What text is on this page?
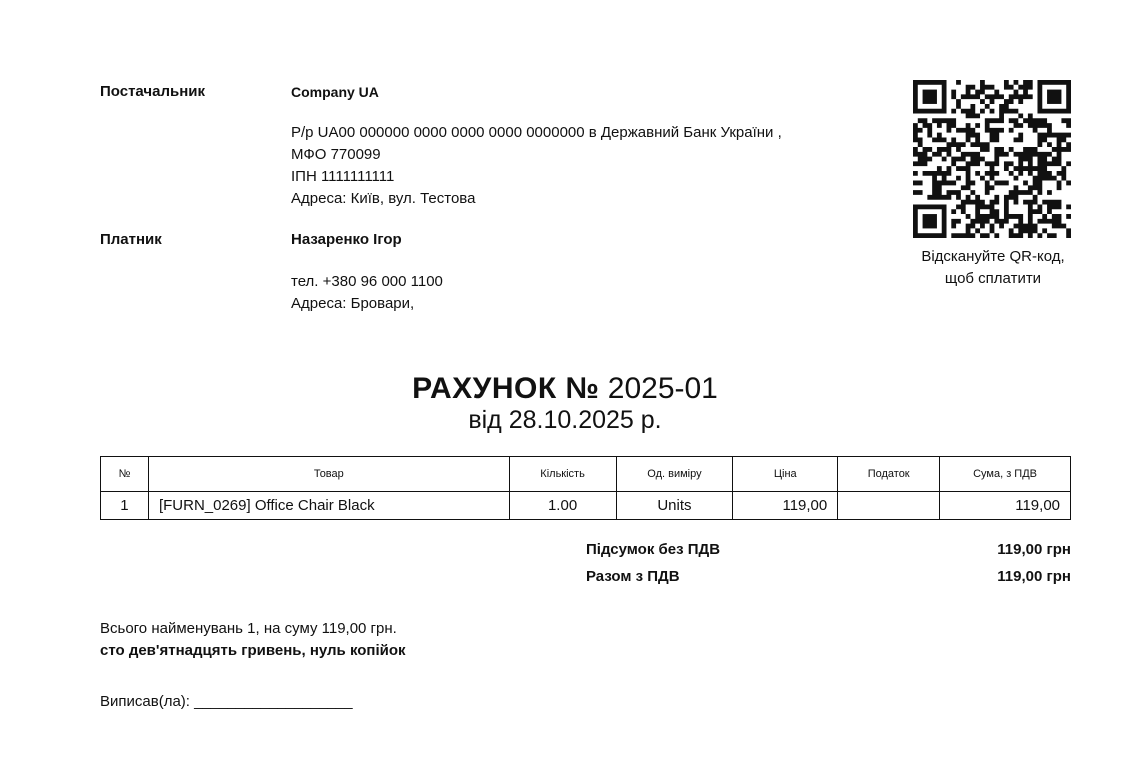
Постачальник	Company UA
Р/р UA00 000000 0000 0000 0000 0000000 в Державний Банк України ,
МФО 770099
ІПН 1111111111
Адреса: Київ, вул. Тестова
Платник	Назаренко Ігор
тел. +380 96 000 1100
Адреса: Бровари,
Відскануйте QR-код,
щоб сплатити
РАХУНОК № 2025-01
від 28.10.2025 р.
№	Товар	Кількість	Од. виміру	Ціна	Податок	Сума, з ПДВ
1	[FURN_0269] Office Chair Black	1.00	Units	119,00		119,00
Підсумок без ПДВ	119,00 грн
Разом з ПДВ	119,00 грн
Всього найменувань 1, на суму 119,00 грн.
сто дев'ятнадцять гривень, нуль копійок
Виписав(ла): ___________________
